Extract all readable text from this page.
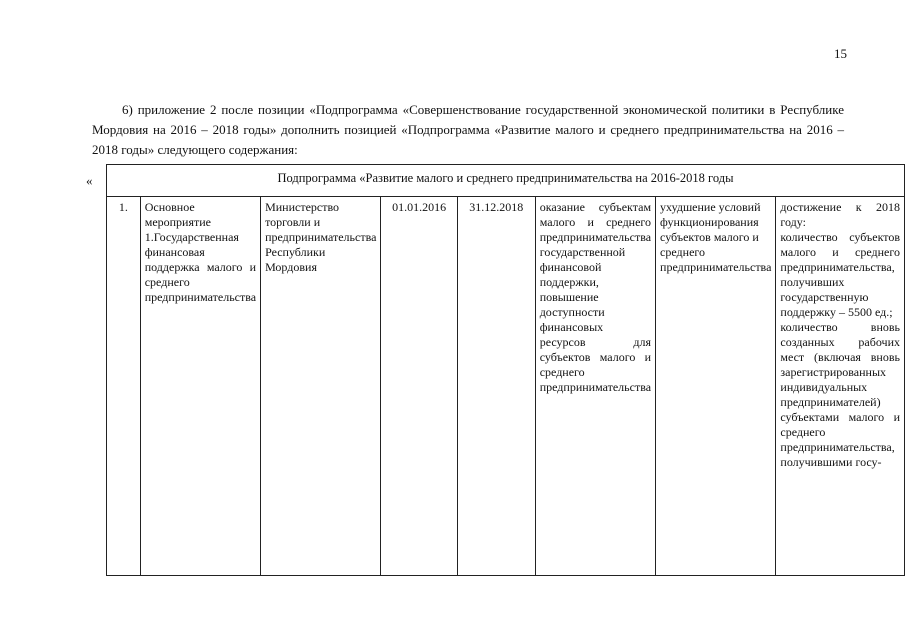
15

6) приложение 2 после позиции «Подпрограмма «Совершенствование государственной экономической политики в Республике Мордовия на 2016 – 2018 годы» дополнить позицией «Подпрограмма «Развитие малого и среднего предпринимательства на 2016 – 2018 годы» следующего содержания:

«	Подпрограмма «Развитие малого и среднего предпринимательства на 2016-2018 годы
1.	Основное мероприятие 1.Государственная финансовая поддержка малого и среднего предпринимательства	Министерство торговли и предпринимательства Республики Мордовия	01.01.2016	31.12.2018	оказание субъектам малого и среднего предпринимательства государственной финансовой поддержки, повышение доступности финансовых ресурсов для субъектов малого и среднего предпринимательства	ухудшение условий функционирования субъектов малого и среднего предпринимательства	достижение к 2018 году:
количество субъектов малого и среднего предпринимательства, получивших государственную поддержку – 5500 ед.;
количество вновь созданных рабочих мест (включая вновь зарегистрированных индивидуальных предпринимателей) субъектами малого и среднего предпринимательства, получившими госу-
